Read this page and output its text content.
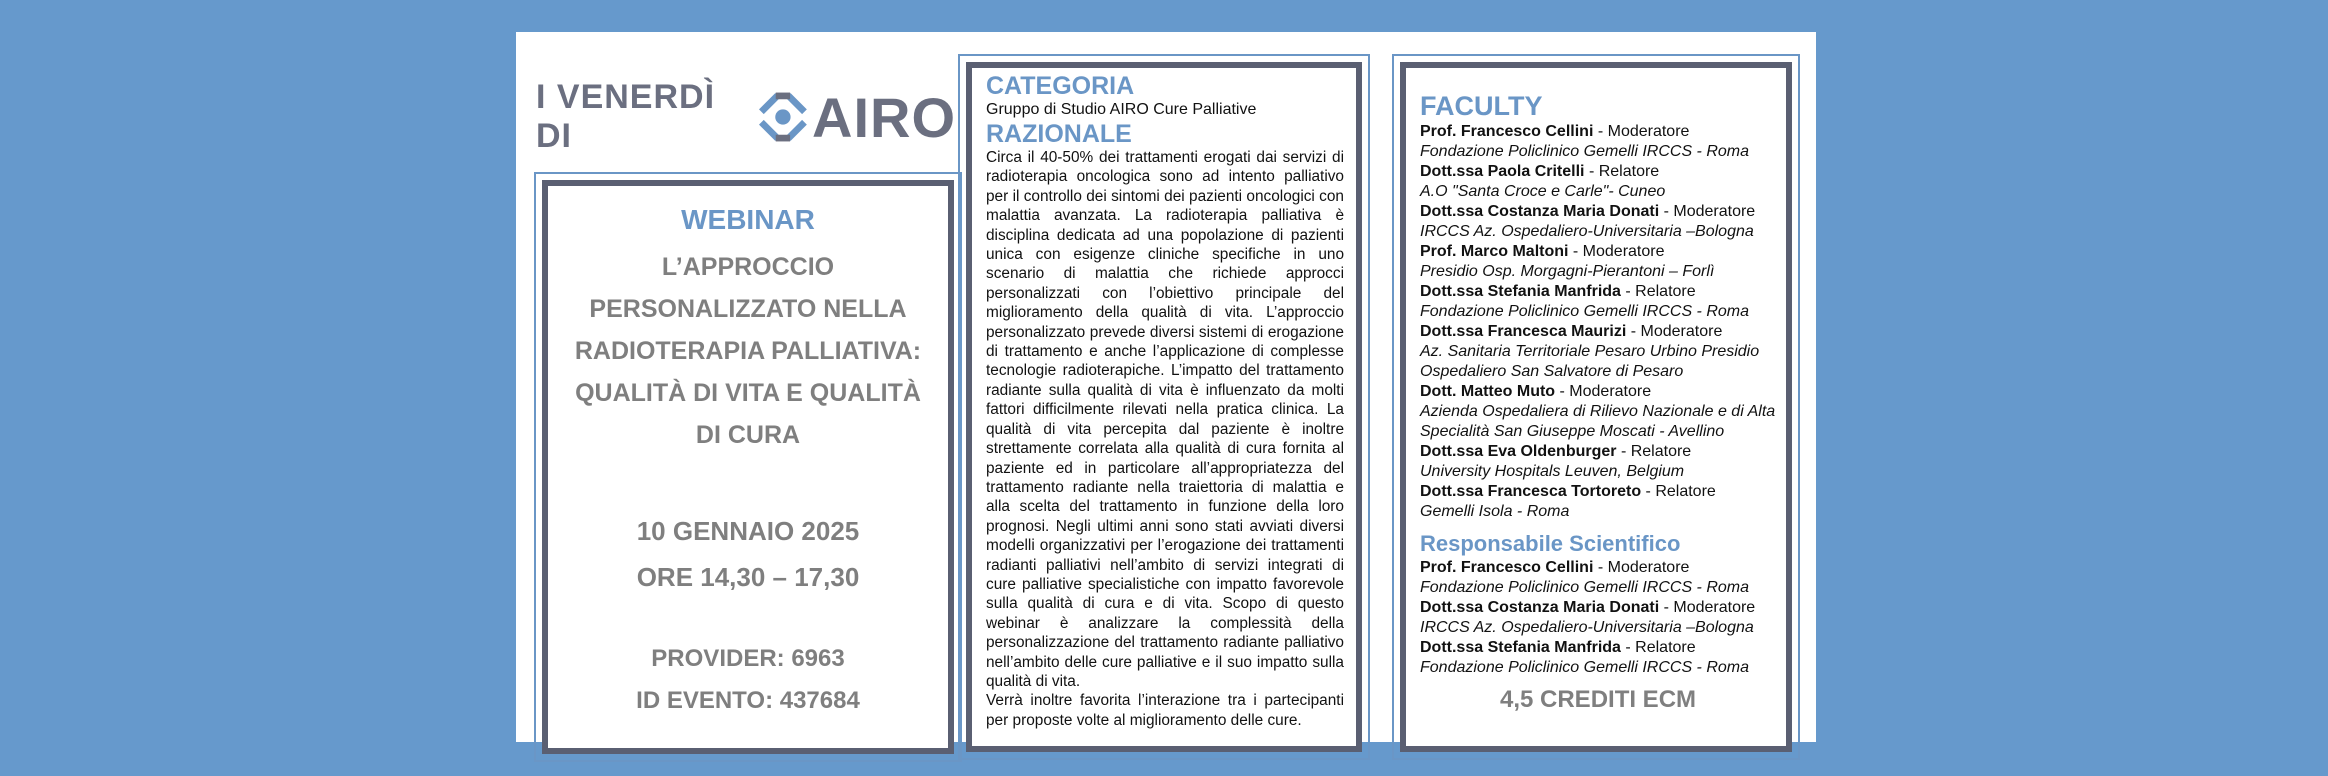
I VENERDÌ DI	AIRO
WEBINAR
L’APPROCCIO
PERSONALIZZATO NELLA
RADIOTERAPIA PALLIATIVA:
QUALITÀ DI VITA E QUALITÀ
DI CURA
10 GENNAIO 2025
ORE 14,30 – 17,30
PROVIDER: 6963
ID EVENTO: 437684
CATEGORIA
Gruppo di Studio AIRO Cure Palliative
RAZIONALE
Circa il 40-50% dei trattamenti erogati dai servizi di radioterapia oncologica sono ad intento palliativo per il controllo dei sintomi dei pazienti oncologici con malattia avanzata. La radioterapia palliativa è disciplina dedicata ad una popolazione di pazienti unica con esigenze cliniche specifiche in uno scenario di malattia che richiede approcci personalizzati con l’obiettivo principale del miglioramento della qualità di vita. L’approccio personalizzato prevede diversi sistemi di erogazione di trattamento e anche l’applicazione di complesse tecnologie radioterapiche. L’impatto del trattamento radiante sulla qualità di vita è influenzato da molti fattori difficilmente rilevati nella pratica clinica. La qualità di vita percepita dal paziente è inoltre strettamente correlata alla qualità di cura fornita al paziente ed in particolare all’appropriatezza del trattamento radiante nella traiettoria di malattia e alla scelta del trattamento in funzione della loro prognosi. Negli ultimi anni sono stati avviati diversi modelli organizzativi per l’erogazione dei trattamenti radianti palliativi nell’ambito di servizi integrati di cure palliative specialistiche con impatto favorevole sulla qualità di cura e di vita. Scopo di questo webinar è analizzare la complessità della personalizzazione del trattamento radiante palliativo nell’ambito delle cure palliative e il suo impatto sulla qualità di vita.
Verrà inoltre favorita l’interazione tra i partecipanti per proposte volte al miglioramento delle cure.
FACULTY
Prof. Francesco Cellini - Moderatore
Fondazione Policlinico Gemelli IRCCS - Roma
Dott.ssa Paola Critelli - Relatore
A.O "Santa Croce e Carle"- Cuneo
Dott.ssa Costanza Maria Donati - Moderatore
IRCCS Az. Ospedaliero-Universitaria –Bologna
Prof. Marco Maltoni - Moderatore
Presidio Osp. Morgagni-Pierantoni – Forlì
Dott.ssa Stefania Manfrida - Relatore
Fondazione Policlinico Gemelli IRCCS - Roma
Dott.ssa Francesca Maurizi - Moderatore
Az. Sanitaria Territoriale Pesaro Urbino Presidio
Ospedaliero San Salvatore di Pesaro
Dott. Matteo Muto - Moderatore
Azienda Ospedaliera di Rilievo Nazionale e di Alta
Specialità San Giuseppe Moscati - Avellino
Dott.ssa Eva Oldenburger - Relatore
University Hospitals Leuven, Belgium
Dott.ssa Francesca Tortoreto - Relatore
Gemelli Isola - Roma
Responsabile Scientifico
Prof. Francesco Cellini - Moderatore
Fondazione Policlinico Gemelli IRCCS - Roma
Dott.ssa Costanza Maria Donati - Moderatore
IRCCS Az. Ospedaliero-Universitaria –Bologna
Dott.ssa Stefania Manfrida - Relatore
Fondazione Policlinico Gemelli IRCCS - Roma
4,5 CREDITI ECM
